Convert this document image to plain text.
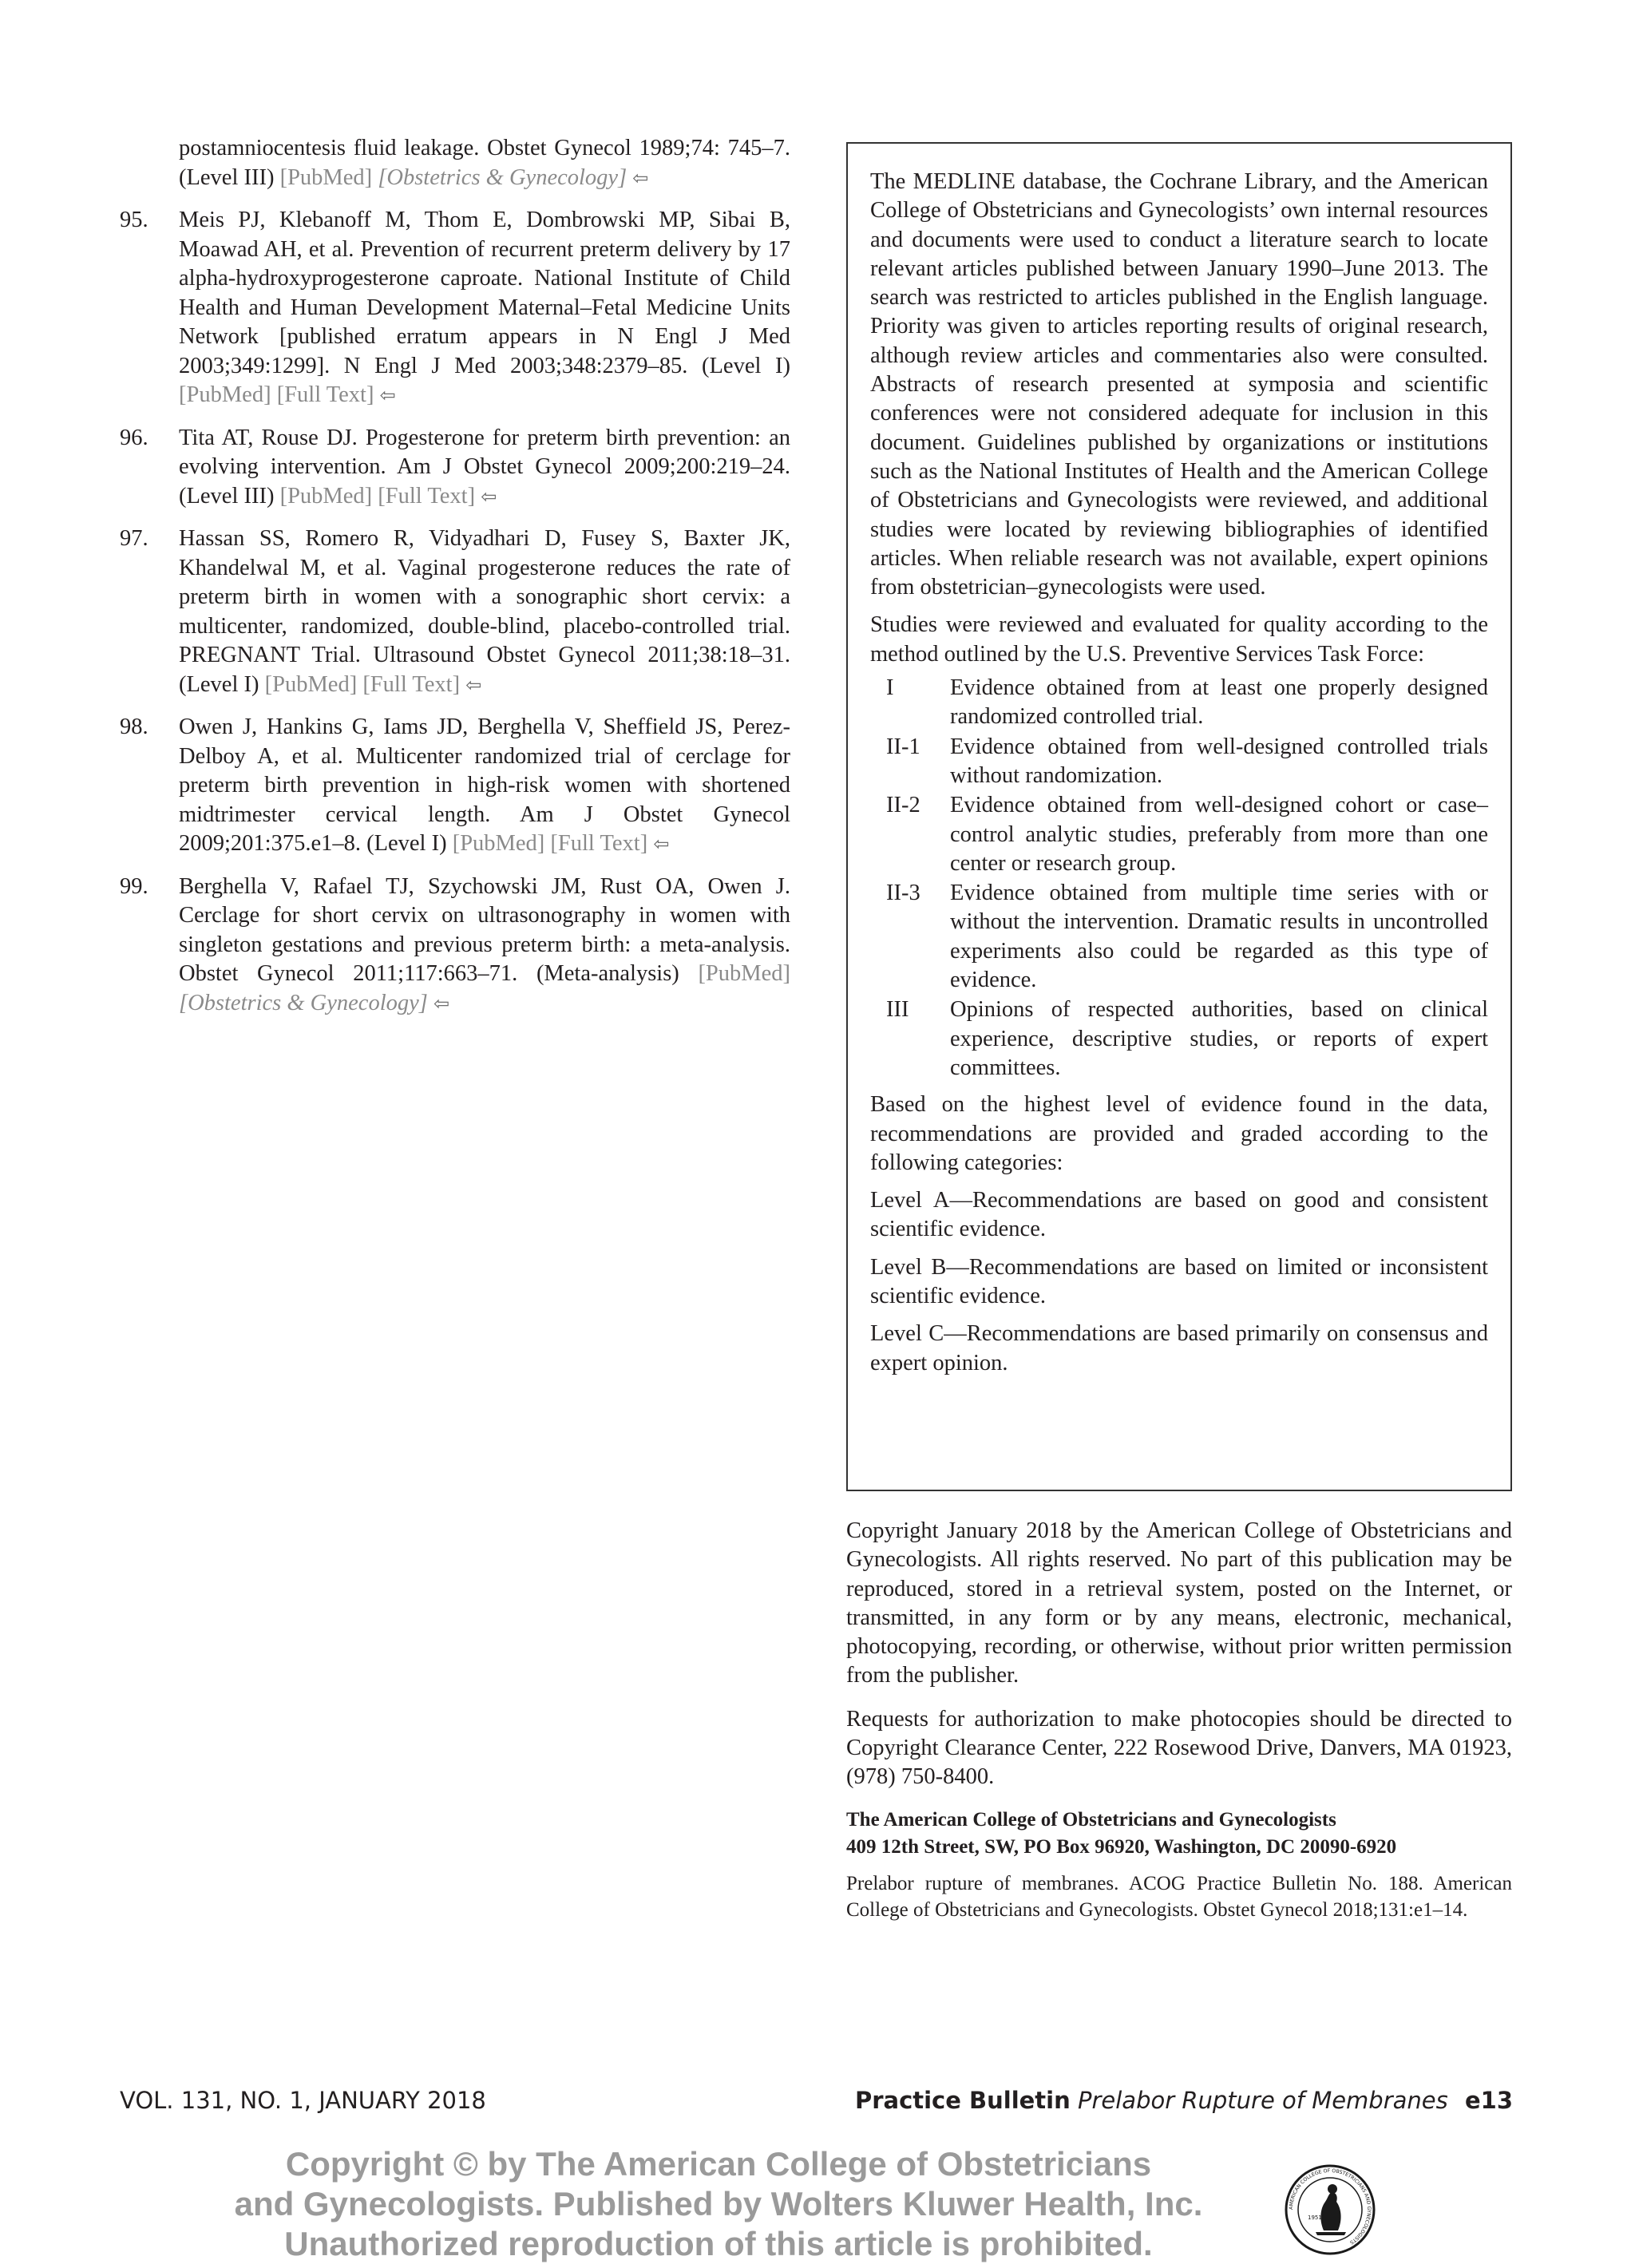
postamniocentesis fluid leakage. Obstet Gynecol 1989;74: 745–7. (Level III) [PubMed] [Obstetrics & Gynecology] ⇦
95.	Meis PJ, Klebanoff M, Thom E, Dombrowski MP, Sibai B, Moawad AH, et al. Prevention of recurrent preterm delivery by 17 alpha-hydroxyprogesterone caproate. National Institute of Child Health and Human Development Maternal–Fetal Medicine Units Network [published erratum appears in N Engl J Med 2003;349:1299]. N Engl J Med 2003;348:2379–85. (Level I) [PubMed] [Full Text] ⇦
96.	Tita AT, Rouse DJ. Progesterone for preterm birth prevention: an evolving intervention. Am J Obstet Gynecol 2009;200:219–24. (Level III) [PubMed] [Full Text] ⇦
97.	Hassan SS, Romero R, Vidyadhari D, Fusey S, Baxter JK, Khandelwal M, et al. Vaginal progesterone reduces the rate of preterm birth in women with a sonographic short cervix: a multicenter, randomized, double-blind, placebo-controlled trial. PREGNANT Trial. Ultrasound Obstet Gynecol 2011;38:18–31. (Level I) [PubMed] [Full Text] ⇦
98.	Owen J, Hankins G, Iams JD, Berghella V, Sheffield JS, Perez-Delboy A, et al. Multicenter randomized trial of cerclage for preterm birth prevention in high-risk women with shortened midtrimester cervical length. Am J Obstet Gynecol 2009;201:375.e1–8. (Level I) [PubMed] [Full Text] ⇦
99.	Berghella V, Rafael TJ, Szychowski JM, Rust OA, Owen J. Cerclage for short cervix on ultrasonography in women with singleton gestations and previous preterm birth: a meta-analysis. Obstet Gynecol 2011;117:663–71. (Meta-analysis) [PubMed] [Obstetrics & Gynecology] ⇦

The MEDLINE database, the Cochrane Library, and the American College of Obstetricians and Gynecologists’ own internal resources and documents were used to conduct a literature search to locate relevant articles published between January 1990–June 2013. The search was restricted to articles published in the English language. Priority was given to articles reporting results of original research, although review articles and commentaries also were consulted. Abstracts of research presented at symposia and scientific conferences were not considered adequate for inclusion in this document. Guidelines published by organizations or institutions such as the National Institutes of Health and the American College of Obstetricians and Gynecologists were reviewed, and additional studies were located by reviewing bibliographies of identified articles. When reliable research was not available, expert opinions from obstetrician–gynecologists were used.

Studies were reviewed and evaluated for quality according to the method outlined by the U.S. Preventive Services Task Force:

I Evidence obtained from at least one properly designed randomized controlled trial.
II-1 Evidence obtained from well-designed controlled trials without randomization.
II-2 Evidence obtained from well-designed cohort or case–control analytic studies, preferably from more than one center or research group.
II-3 Evidence obtained from multiple time series with or without the intervention. Dramatic results in uncontrolled experiments also could be regarded as this type of evidence.
III Opinions of respected authorities, based on clinical experience, descriptive studies, or reports of expert committees.

Based on the highest level of evidence found in the data, recommendations are provided and graded according to the following categories:

Level A—Recommendations are based on good and consistent scientific evidence.

Level B—Recommendations are based on limited or inconsistent scientific evidence.

Level C—Recommendations are based primarily on consensus and expert opinion.

Copyright January 2018 by the American College of Obstetricians and Gynecologists. All rights reserved. No part of this publication may be reproduced, stored in a retrieval system, posted on the Internet, or transmitted, in any form or by any means, electronic, mechanical, photocopying, recording, or otherwise, without prior written permission from the publisher.

Requests for authorization to make photocopies should be directed to Copyright Clearance Center, 222 Rosewood Drive, Danvers, MA 01923, (978) 750-8400.

The American College of Obstetricians and Gynecologists
409 12th Street, SW, PO Box 96920, Washington, DC 20090-6920

Prelabor rupture of membranes. ACOG Practice Bulletin No. 188. American College of Obstetricians and Gynecologists. Obstet Gynecol 2018;131:e1–14.

VOL. 131, NO. 1, JANUARY 2018	Practice Bulletin Prelabor Rupture of Membranes e13
Copyright © by The American College of Obstetricians
and Gynecologists. Published by Wolters Kluwer Health, Inc.
Unauthorized reproduction of this article is prohibited.
AMERICAN COLLEGE OF OBSTETRICIANS AND GYNECOLOGISTS
1951
